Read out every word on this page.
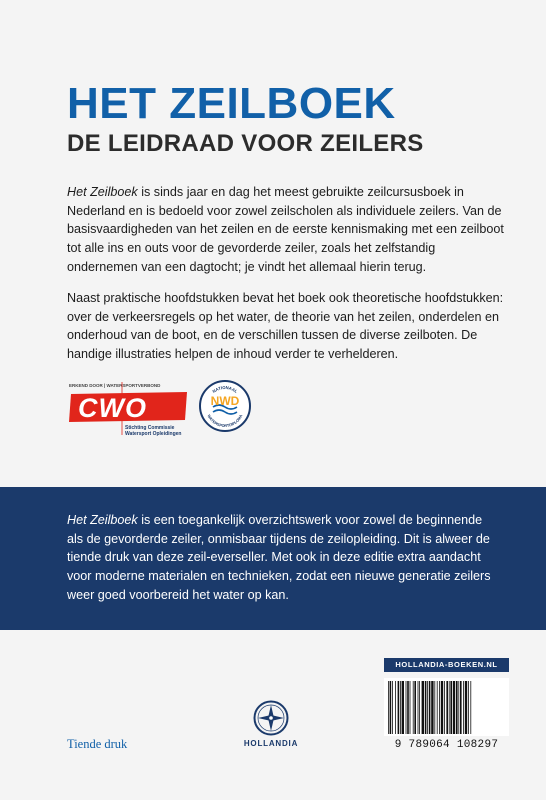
HET ZEILBOEK
DE LEIDRAAD VOOR ZEILERS

Het Zeilboek is sinds jaar en dag het meest gebruikte zeilcursusboek in Nederland en is bedoeld voor zowel zeilscholen als individuele zeilers. Van de basisvaardigheden van het zeilen en de eerste kennismaking met een zeilboot tot alle ins en outs voor de gevorderde zeiler, zoals het zelfstandig ondernemen van een dagtocht; je vindt het allemaal hierin terug.

Naast praktische hoofdstukken bevat het boek ook theoretische hoofdstukken: over de verkeersregels op het water, de theorie van het zeilen, onderdelen en onderhoud van de boot, en de verschillen tussen de diverse zeilboten. De handige illustraties helpen de inhoud verder te verhelderen.

ERKEND DOOR | WATERSPORTVERBOND
CWO
Stichting Commissie
Watersport Opleidingen
NATIONAAL
WATERSPORTDIPLOMA
NWD

Het Zeilboek is een toegankelijk overzichtswerk voor zowel de beginnende als de gevorderde zeiler, onmisbaar tijdens de zeilopleiding. Dit is alweer de tiende druk van deze zeil-everseller. Met ook in deze editie extra aandacht voor moderne materialen en technieken, zodat een nieuwe generatie zeilers weer goed voorbereid het water op kan.

HOLLANDIA-BOEKEN.NL
9 789064 108297
HOLLANDIA
Tiende druk
